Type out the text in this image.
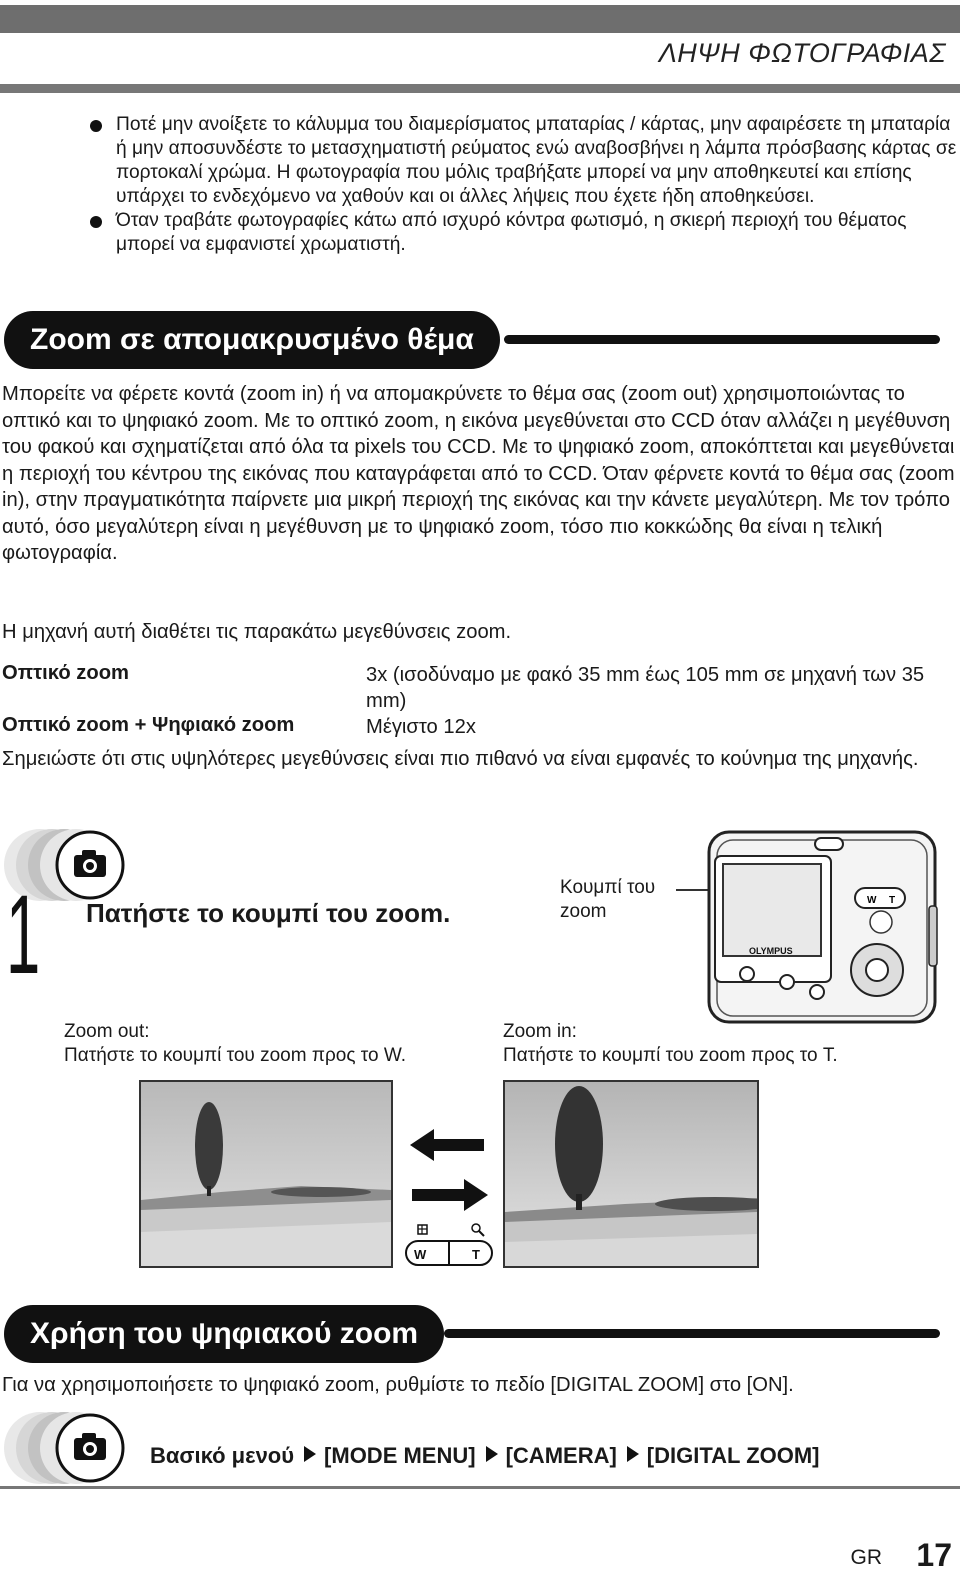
ΛΗΨΗ ΦΩΤΟΓΡΑΦΙΑΣ
Ποτέ μην ανοίξετε το κάλυμμα του διαμερίσματος μπαταρίας / κάρτας, μην αφαιρέσετε τη μπαταρία ή μην αποσυνδέστε το μετασχηματιστή ρεύματος ενώ αναβοσβήνει η λάμπα πρόσβασης κάρτας σε πορτοκαλί χρώμα. Η φωτογραφία που μόλις τραβήξατε μπορεί να μην αποθηκευτεί και επίσης υπάρχει το ενδεχόμενο να χαθούν και οι άλλες λήψεις που έχετε ήδη αποθηκεύσει.
Όταν τραβάτε φωτογραφίες κάτω από ισχυρό κόντρα φωτισμό, η σκιερή περιοχή του θέματος μπορεί να εμφανιστεί χρωματιστή.
Zoom σε απομακρυσμένο θέμα

Μπορείτε να φέρετε κοντά (zoom in) ή να απομακρύνετε το θέμα σας (zoom out) χρησιμοποιώντας το οπτικό και το ψηφιακό zoom. Με το οπτικό zoom, η εικόνα μεγεθύνεται στο CCD όταν αλλάζει η μεγέθυνση του φακού και σχηματίζεται από όλα τα pixels του CCD. Με το ψηφιακό zoom, αποκόπτεται και μεγεθύνεται η περιοχή του κέντρου της εικόνας που καταγράφεται από το CCD. Όταν φέρνετε κοντά το θέμα σας (zoom in), στην πραγματικότητα παίρνετε μια μικρή περιοχή της εικόνας και την κάνετε μεγαλύτερη. Με τον τρόπο αυτό, όσο μεγαλύτερη είναι η μεγέθυνση με το ψηφιακό zoom, τόσο πιο κοκκώδης θα είναι η τελική φωτογραφία.

Η μηχανή αυτή διαθέτει τις παρακάτω μεγεθύνσεις zoom.

Οπτικό zoom	3x (ισοδύναμο με φακό 35 mm έως 105 mm σε μηχανή των 35 mm)
Οπτικό zoom + Ψηφιακό zoom	Μέγιστο 12x

Σημειώστε ότι στις υψηλότερες μεγεθύνσεις είναι πιο πιθανό να είναι εμφανές το κούνημα της μηχανής.

1 Πατήστε το κουμπί του zoom.
Κουμπί του zoom
OLYMPUS
W T
Zoom out:
Πατήστε το κουμπί του zoom προς το W.
Zoom in:
Πατήστε το κουμπί του zoom προς το T.
W	T
Χρήση του ψηφιακού zoom

Για να χρησιμοποιήσετε το ψηφιακό zoom, ρυθμίστε το πεδίο [DIGITAL ZOOM] στο [ON].

Βασικό μενού [MODE MENU] [CAMERA] [DIGITAL ZOOM]
GR 17
